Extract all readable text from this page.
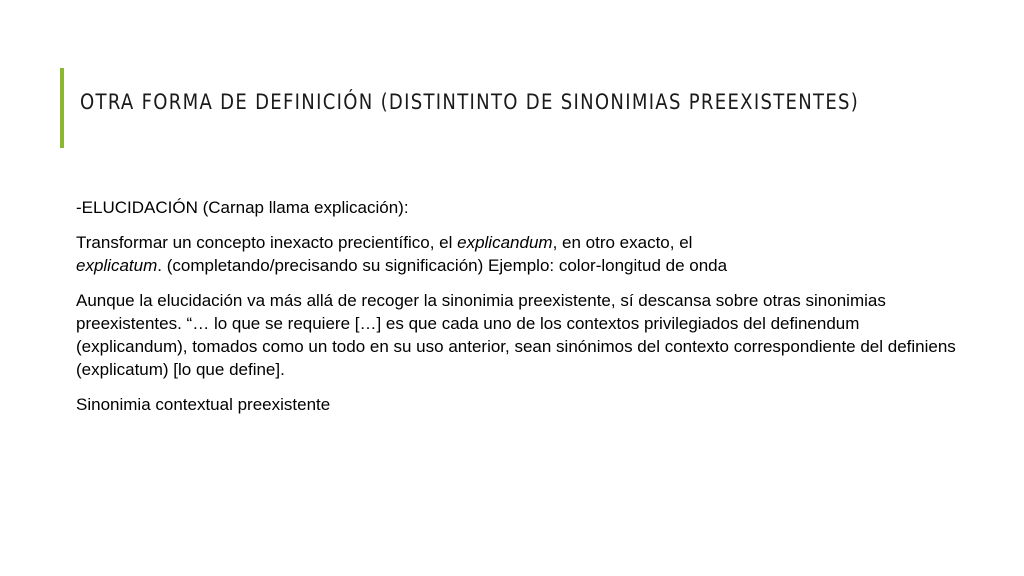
OTRA FORMA DE DEFINICIÓN (DISTINTINTO DE SINONIMIAS PREEXISTENTES)

-ELUCIDACIÓN (Carnap llama explicación):

Transformar un concepto inexacto precientífico, el explicandum, en otro exacto, el
explicatum. (completando/precisando su significación) Ejemplo: color-longitud de onda

Aunque la elucidación va más allá de recoger la sinonimia preexistente, sí descansa sobre otras sinonimias preexistentes. “… lo que se requiere […] es que cada uno de los contextos privilegiados del definendum (explicandum), tomados como un todo en su uso anterior, sean sinónimos del contexto correspondiente del definiens (explicatum) [lo que define].

Sinonimia contextual preexistente
